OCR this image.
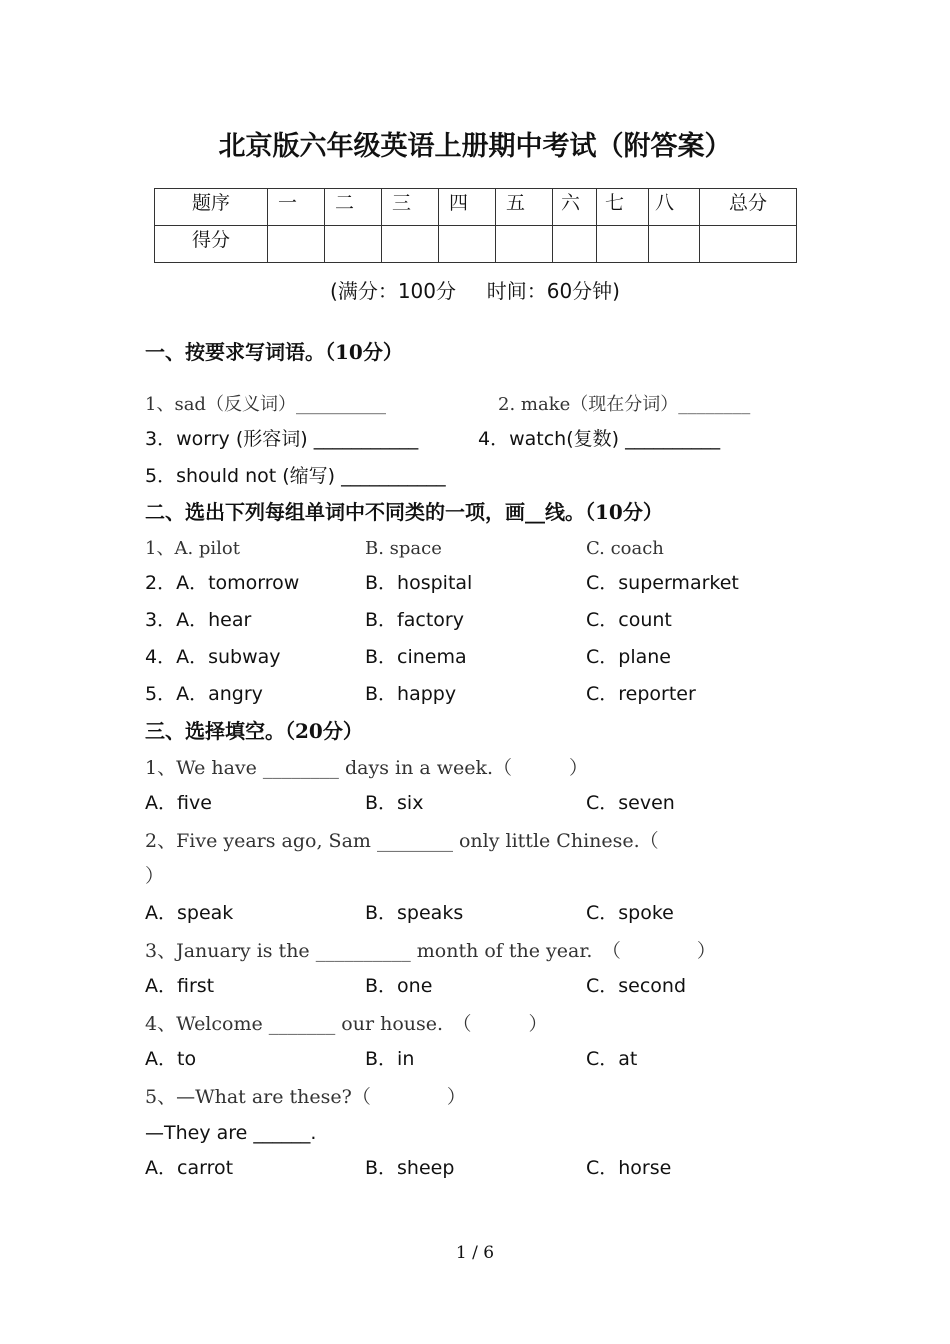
北京版六年级英语上册期中考试（附答案）
题序	一	二	三	四	五	六	七	八	总分
得分									
(满分：100分 时间：60分钟)
一、按要求写词语。（10分）
1、sad（反义词）__________	2. make（现在分词）________
3．worry (形容词) ___________	4．watch(复数) __________
5．should not (缩写) ___________
二、选出下列每组单词中不同类的一项，画__线。（10分）
1、A. pilot	B. space	C. coach
2．A．tomorrow	B．hospital	C．supermarket
3．A．hear	B．factory	C．count
4．A．subway	B．cinema	C．plane
5．A．angry	B．happy	C．reporter
三、选择填空。（20分）
1、We have ________ days in a week.（　　　）
A．five	B．six	C．seven
2、Five years ago, Sam ________ only little Chinese.（
）
A．speak	B．speaks	C．spoke
3、January is the __________ month of the year.　（　　　　）
A．first	B．one	C．second
4、Welcome _______ our house.　（　　　）
A．to	B．in	C．at
5、—What are these?（　　　　）
—They are ______.
A．carrot	B．sheep	C．horse
1 / 6
